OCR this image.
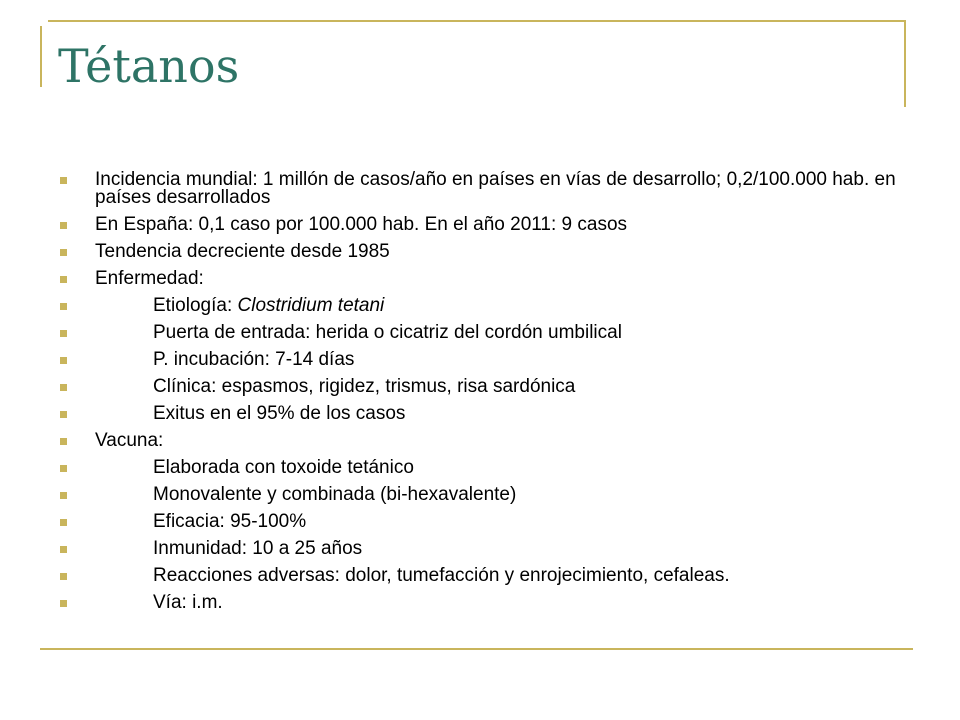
Tétanos
Incidencia mundial: 1 millón de casos/año en países en vías de desarrollo; 0,2/100.000 hab. en países desarrollados
En España: 0,1 caso por 100.000 hab. En el año 2011: 9 casos
Tendencia decreciente desde 1985
Enfermedad:
Etiología: Clostridium tetani
Puerta de entrada: herida o cicatriz del cordón umbilical
P. incubación: 7-14 días
Clínica: espasmos, rigidez, trismus, risa sardónica
Exitus en el 95% de los casos
Vacuna:
Elaborada con toxoide tetánico
Monovalente y combinada (bi-hexavalente)
Eficacia: 95-100%
Inmunidad: 10 a 25 años
Reacciones adversas: dolor, tumefacción y enrojecimiento, cefaleas.
Vía: i.m.
